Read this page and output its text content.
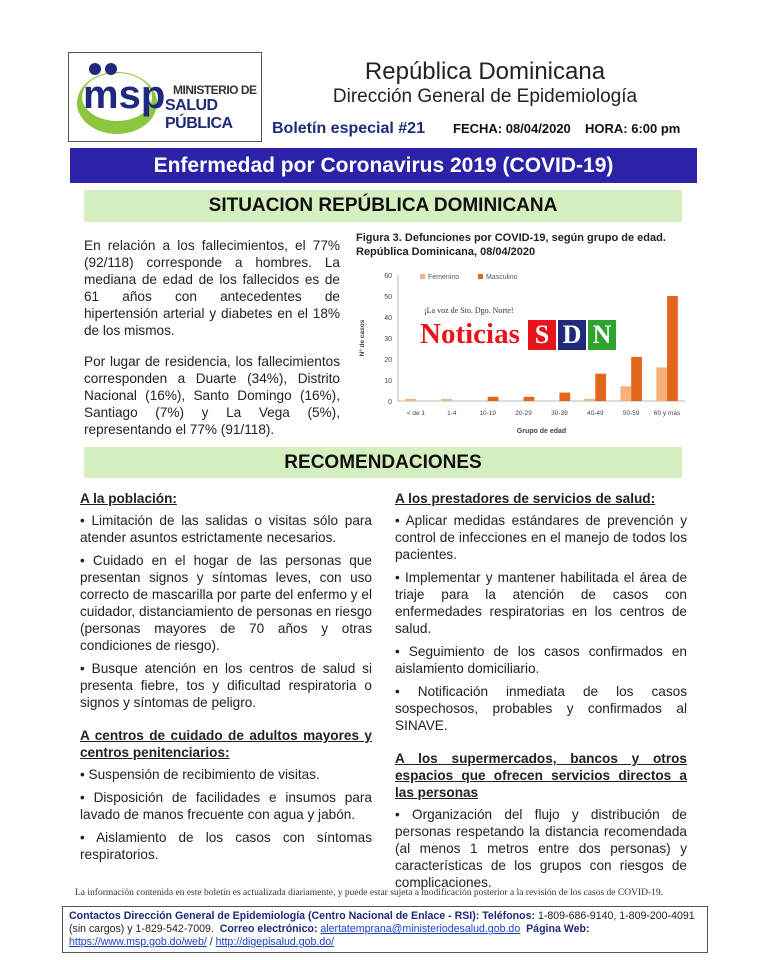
msp MINISTERIO DE
SALUD PÚBLICA
República Dominicana
Dirección General de Epidemiología
Boletín especial #21 FECHA: 08/04/2020 HORA: 6:00 pm
Enfermedad por Coronavirus 2019 (COVID-19)
SITUACION REPÚBLICA DOMINICANA

En relación a los fallecimientos, el 77% (92/118) corresponde a hombres. La mediana de edad de los fallecidos es de 61 años con antecedentes de hipertensión arterial y diabetes en el 18% de los mismos.

Por lugar de residencia, los fallecimientos corresponden a Duarte (34%), Distrito Nacional (16%), Santo Domingo (16%), Santiago (7%) y La Vega (5%), representando el 77% (91/118).

Figura 3. Defunciones por COVID-19, según grupo de edad. República Dominicana, 08/04/2020
0
10
20
30
40
50
60
< de 1	1-4	10-19	20-29	30-39	40-49	50-59 60 y más
Grupo de edad
Nº de casos
Femenino	Masculino
¡La voz de Sto. Dgo. Norte!
Noticias S D N
RECOMENDACIONES
A la población:

• Limitación de las salidas o visitas sólo para atender asuntos estrictamente necesarios.

• Cuidado en el hogar de las personas que presentan signos y síntomas leves, con uso correcto de mascarilla por parte del enfermo y el cuidador, distanciamiento de personas en riesgo (personas mayores de 70 años y otras condiciones de riesgo).

• Busque atención en los centros de salud si presenta fiebre, tos y dificultad respiratoria o signos y síntomas de peligro.

A centros de cuidado de adultos mayores y centros penitenciarios:

• Suspensión de recibimiento de visitas.

• Disposición de facilidades e insumos para lavado de manos frecuente con agua y jabón.

• Aislamiento de los casos con síntomas respiratorios.

A los prestadores de servicios de salud:

• Aplicar medidas estándares de prevención y control de infecciones en el manejo de todos los pacientes.

• Implementar y mantener habilitada el área de triaje para la atención de casos con enfermedades respiratorias en los centros de salud.

• Seguimiento de los casos confirmados en aislamiento domiciliario.

• Notificación inmediata de los casos sospechosos, probables y confirmados al SINAVE.

A los supermercados, bancos y otros espacios que ofrecen servicios directos a las personas

• Organización del flujo y distribución de personas respetando la distancia recomendada (al menos 1 metros entre dos personas) y características de los grupos con riesgos de complicaciones.

La información contenida en este boletín es actualizada diariamente, y puede estar sujeta a modificación posterior a la revisión de los casos de COVID-19.
Contactos Dirección General de Epidemiología (Centro Nacional de Enlace - RSI): Teléfonos: 1-809-686-9140, 1-809-200-4091 (sin cargos) y 1-829-542-7009. Correo electrónico: alertatemprana@ministeriodesalud.gob.do Página Web: https://www.msp.gob.do/web/ / http://digepisalud.gob.do/
